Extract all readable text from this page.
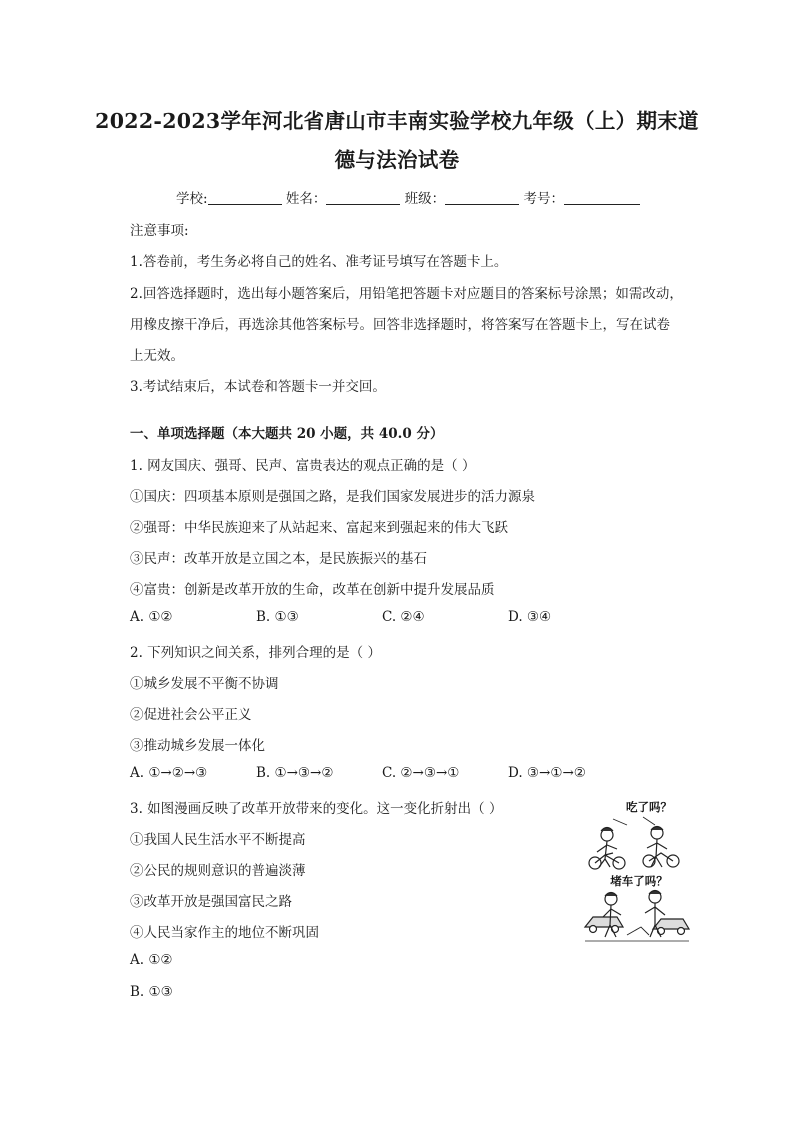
2022-2023学年河北省唐山市丰南实验学校九年级（上）期末道
德与法治试卷
学校:	姓名：	班级：	考号：
注意事项:
1.答卷前，考生务必将自己的姓名、准考证号填写在答题卡上。
2.回答选择题时，选出每小题答案后，用铅笔把答题卡对应题目的答案标号涂黑；如需改动，
用橡皮擦干净后，再选涂其他答案标号。回答非选择题时，将答案写在答题卡上，写在试卷
上无效。
3.考试结束后，本试卷和答题卡一并交回。
一、单项选择题（本大题共 20 小题，共 40.0 分）
1. 网友国庆、强哥、民声、富贵表达的观点正确的是（ ）
①国庆：四项基本原则是强国之路，是我们国家发展进步的活力源泉
②强哥：中华民族迎来了从站起来、富起来到强起来的伟大飞跃
③民声：改革开放是立国之本，是民族振兴的基石
④富贵：创新是改革开放的生命，改革在创新中提升发展品质
A. ①②	B. ①③	C. ②④	D. ③④
2. 下列知识之间关系，排列合理的是（ ）
①城乡发展不平衡不协调
②促进社会公平正义
③推动城乡发展一体化
A. ①→②→③	B. ①→③→②	C. ②→③→①	D. ③→①→②
3. 如图漫画反映了改革开放带来的变化。这一变化折射出（ ）
①我国人民生活水平不断提高
②公民的规则意识的普遍淡薄
③改革开放是强国富民之路
④人民当家作主的地位不断巩固
A. ①②
B. ①③
吃了吗？
堵车了吗？
